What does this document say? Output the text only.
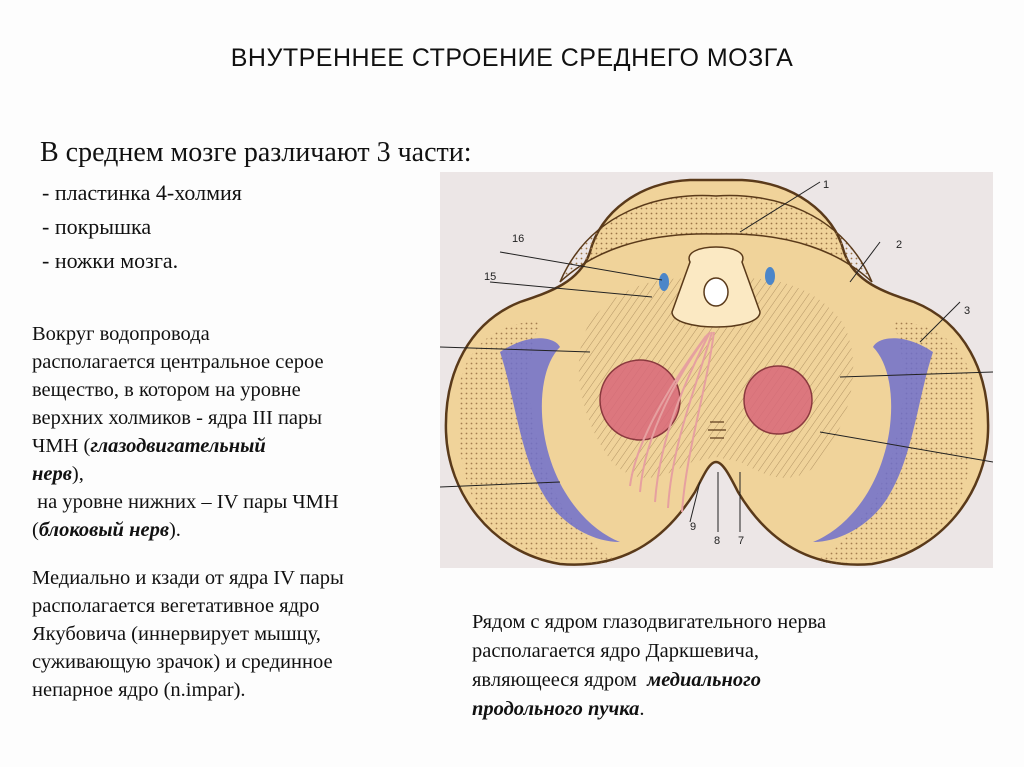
ВНУТРЕННЕЕ СТРОЕНИЕ СРЕДНЕГО МОЗГА
В среднем мозге различают 3 части:
- пластинка 4-холмия
- покрышка
- ножки мозга.
Вокруг водопровода
располагается центральное серое
вещество, в котором на уровне
верхних холмиков - ядра III пары
ЧМН (глазодвигательный
нерв),
на уровне нижних – IV пары ЧМН
(блоковый нерв).
Медиально и кзади от ядра IV пары
располагается вегетативное ядро
Якубовича (иннервирует мышцу,
суживающую зрачок) и срединное
непарное ядро (n.impar).
1
2
3
16
15
9
8 7
Рядом с ядром глазодвигательного нерва
располагается ядро Даркшевича,
являющееся ядром  медиального
продольного пучка.
